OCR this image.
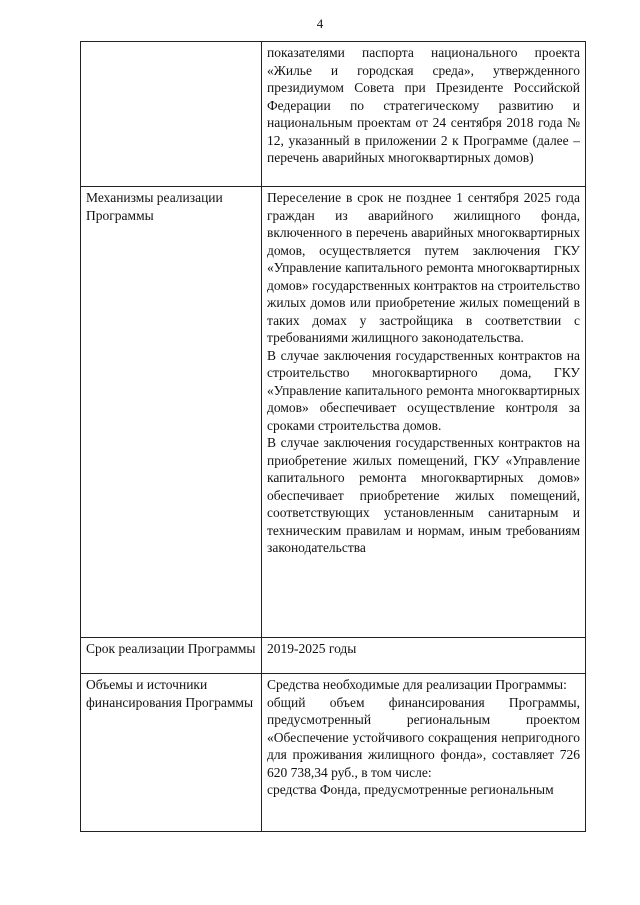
4

	показателями паспорта национального проекта «Жилье и городская среда», утвержденного президиумом Совета при Президенте Российской Федерации по стратегическому развитию и национальным проектам от 24 сентября 2018 года № 12, указанный в приложении 2 к Программе (далее – перечень аварийных многоквартирных домов)

Механизмы реализации Программы	Переселение в срок не позднее 1 сентября 2025 года граждан из аварийного жилищного фонда, включенного в перечень аварийных многоквартирных домов, осуществляется путем заключения ГКУ «Управление капитального ремонта многоквартирных домов» государственных контрактов на строительство жилых домов или приобретение жилых помещений в таких домах у застройщика в соответствии с требованиями жилищного законодательства.

В случае заключения государственных контрактов на строительство многоквартирного дома, ГКУ «Управление капитального ремонта многоквартирных домов» обеспечивает осуществление контроля за сроками строительства домов.

В случае заключения государственных контрактов на приобретение жилых помещений, ГКУ «Управление капитального ремонта многоквартирных домов» обеспечивает приобретение жилых помещений, соответствующих установленным санитарным и техническим правилам и нормам, иным требованиям законодательства

Срок реализации Программы	2019-2025 годы

Объемы и источники финансирования Программы	Средства необходимые для реализации Программы:

общий объем финансирования Программы, предусмотренный региональным проектом «Обеспечение устойчивого сокращения непригодного для проживания жилищного фонда», составляет 726 620 738,34 руб., в том числе:

средства Фонда, предусмотренные региональным
